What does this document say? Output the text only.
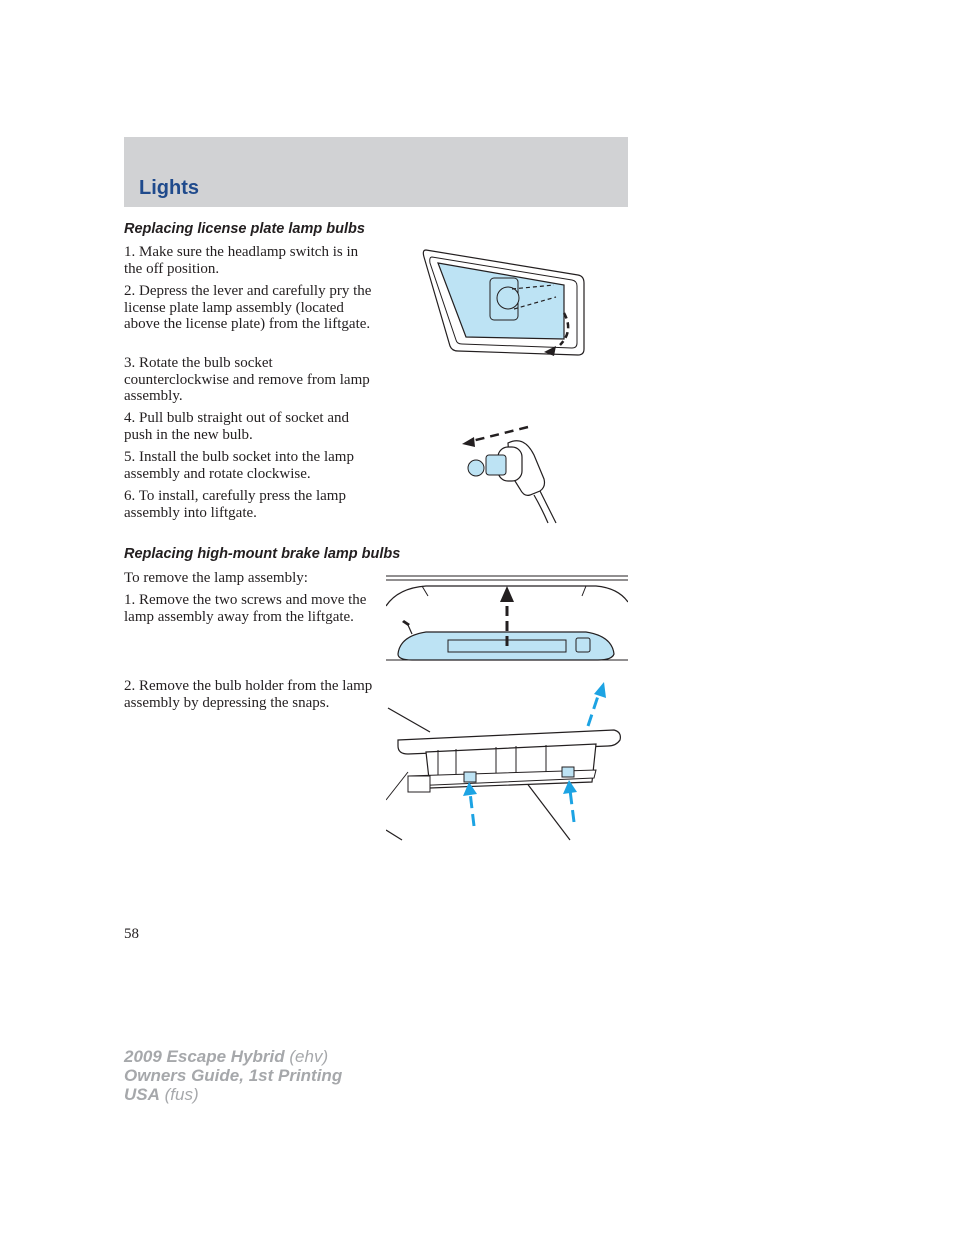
Lights
Replacing license plate lamp bulbs

1. Make sure the headlamp switch is in the off position.

2. Depress the lever and carefully pry the license plate lamp assembly (located above the license plate) from the liftgate.

3. Rotate the bulb socket counterclockwise and remove from lamp assembly.

4. Pull bulb straight out of socket and push in the new bulb.

5. Install the bulb socket into the lamp assembly and rotate clockwise.

6. To install, carefully press the lamp assembly into liftgate.

Replacing high-mount brake lamp bulbs

To remove the lamp assembly:

1. Remove the two screws and move the lamp assembly away from the liftgate.

2. Remove the bulb holder from the lamp assembly by depressing the snaps.

58
2009 Escape Hybrid (ehv)
Owners Guide, 1st Printing
USA (fus)
